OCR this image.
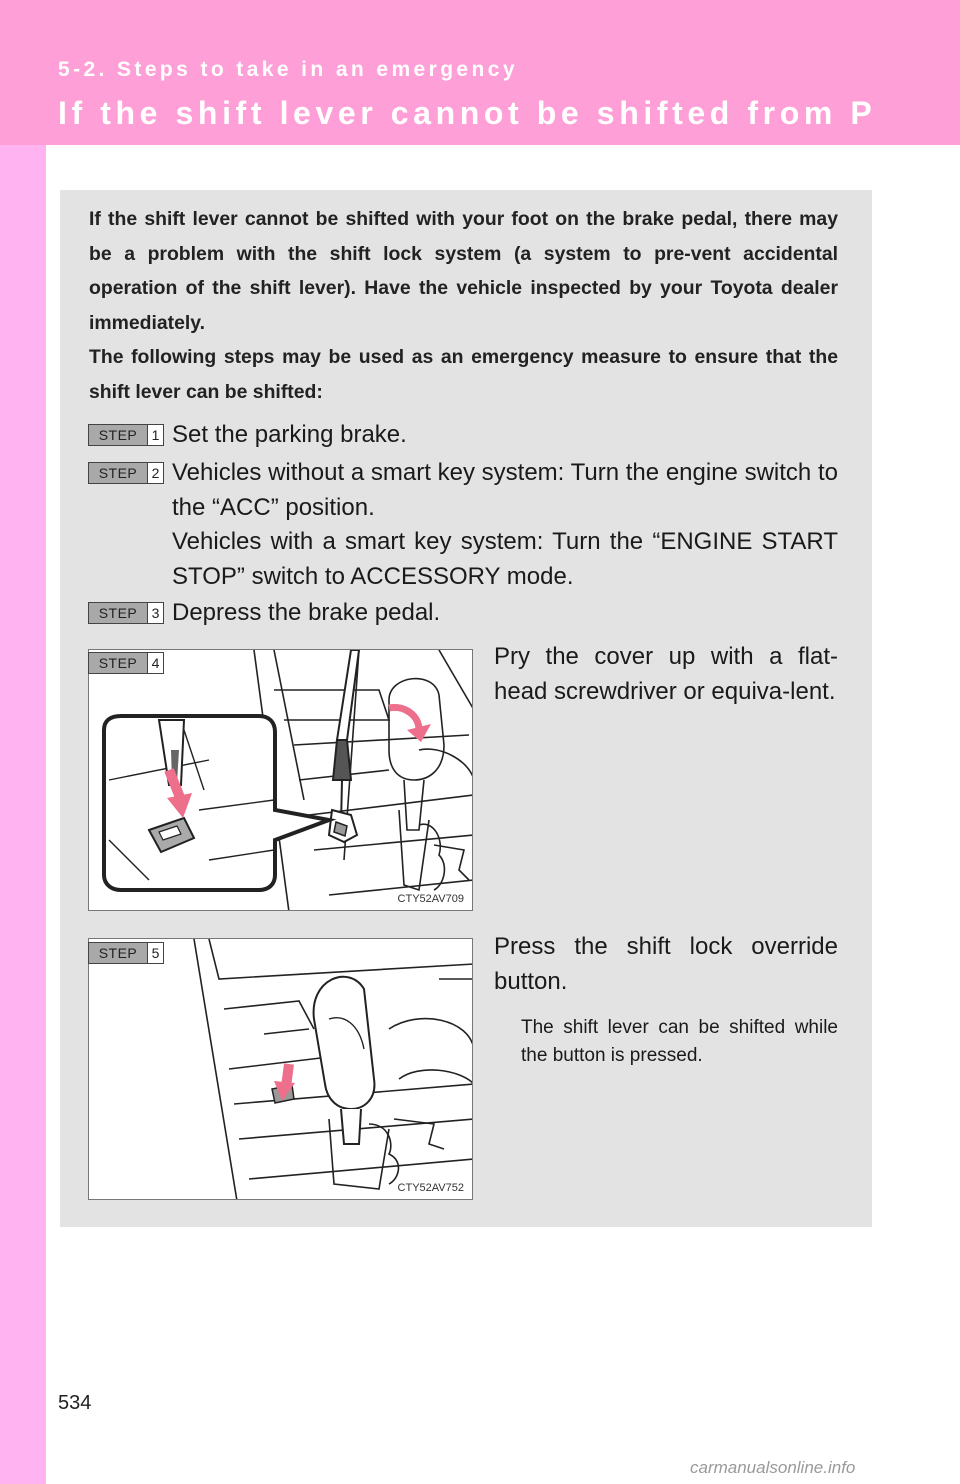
5-2. Steps to take in an emergency
If the shift lever cannot be shifted from P

If the shift lever cannot be shifted with your foot on the brake pedal, there may be a problem with the shift lock system (a system to pre-vent accidental operation of the shift lever). Have the vehicle inspected by your Toyota dealer immediately.

The following steps may be used as an emergency measure to ensure that the shift lever can be shifted:

STEP	1 Set the parking brake.
STEP	2 Vehicles without a smart key system: Turn the engine switch to the “ACC” position.
Vehicles with a smart key system: Turn the “ENGINE START STOP” switch to ACCESSORY mode.
STEP	3 Depress the brake pedal.
CTY52AV709
STEP	4	Pry the cover up with a flat-head screwdriver or equiva-lent.
CTY52AV752
STEP	5	Press the shift lock override button.
The shift lever can be shifted while the button is pressed.
534
carmanualsonline.info
